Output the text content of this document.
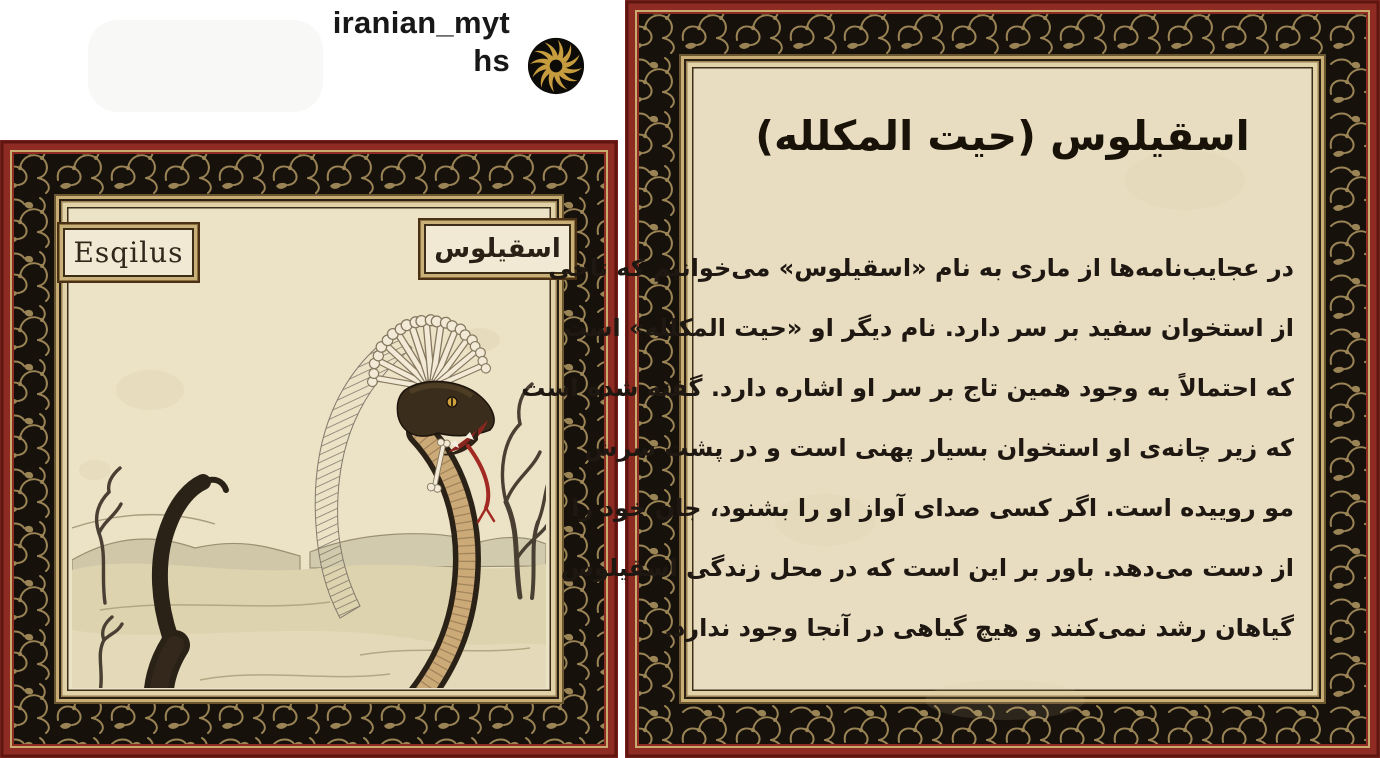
iranian_myt
hs
Esqilus	اسقیلوس
اسقیلوس (حیت المکلله)
در عجایب‌نامه‌ها از ماری به نام «اسقیلوس» می‌خوانیم که تاجی
از استخوان سفید بر سر دارد. نام دیگر او «حیت المکلله» است
که احتمالاً به وجود همین تاج بر سر او اشاره دارد. گفته شده است
که زیر چانه‌ی او استخوان بسیار پهنی است و در پشت سرش
مو روییده است. اگر کسی صدای آواز او را بشنود، جان خود را
از دست می‌دهد. باور بر این است که در محل زندگی اسقیلوس
گیاهان رشد نمی‌کنند و هیچ گیاهی در آنجا وجود ندارد.
